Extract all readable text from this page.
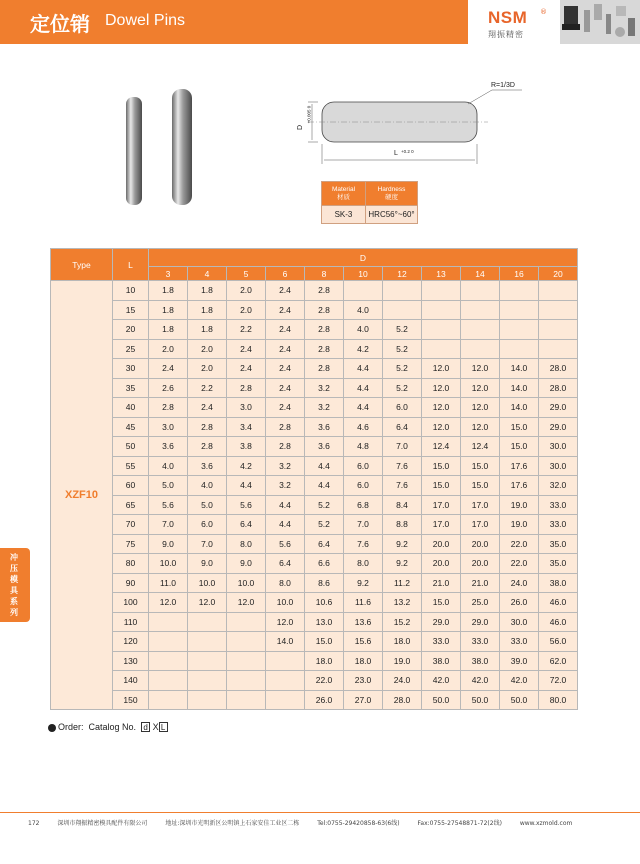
定位销 Dowel Pins	NSM ®
翔振精密
冲压模具系列
R=1/3D
D
+0.005 0
L +0.2 0
Material
材质	Hardness
硬度
SK-3	HRC56°~60°
Type	L	D										
		3	4	5	6	8	10	12	13	14	16	20
XZF10	10	1.8	1.8	2.0	2.4	2.8						
	15	1.8	1.8	2.0	2.4	2.8	4.0					
	20	1.8	1.8	2.2	2.4	2.8	4.0	5.2				
	25	2.0	2.0	2.4	2.4	2.8	4.2	5.2				
	30	2.4	2.0	2.4	2.4	2.8	4.4	5.2	12.0	12.0	14.0	28.0
	35	2.6	2.2	2.8	2.4	3.2	4.4	5.2	12.0	12.0	14.0	28.0
	40	2.8	2.4	3.0	2.4	3.2	4.4	6.0	12.0	12.0	14.0	29.0
	45	3.0	2.8	3.4	2.8	3.6	4.6	6.4	12.0	12.0	15.0	29.0
	50	3.6	2.8	3.8	2.8	3.6	4.8	7.0	12.4	12.4	15.0	30.0
	55	4.0	3.6	4.2	3.2	4.4	6.0	7.6	15.0	15.0	17.6	30.0
	60	5.0	4.0	4.4	3.2	4.4	6.0	7.6	15.0	15.0	17.6	32.0
	65	5.6	5.0	5.6	4.4	5.2	6.8	8.4	17.0	17.0	19.0	33.0
	70	7.0	6.0	6.4	4.4	5.2	7.0	8.8	17.0	17.0	19.0	33.0
	75	9.0	7.0	8.0	5.6	6.4	7.6	9.2	20.0	20.0	22.0	35.0
	80	10.0	9.0	9.0	6.4	6.6	8.0	9.2	20.0	20.0	22.0	35.0
	90	11.0	10.0	10.0	8.0	8.6	9.2	11.2	21.0	21.0	24.0	38.0
	100	12.0	12.0	12.0	10.0	10.6	11.6	13.2	15.0	25.0	26.0	46.0
	110				12.0	13.0	13.6	15.2	29.0	29.0	30.0	46.0
	120				14.0	15.0	15.6	18.0	33.0	33.0	33.0	56.0
	130					18.0	18.0	19.0	38.0	38.0	39.0	62.0
	140					22.0	23.0	24.0	42.0	42.0	42.0	72.0
	150					26.0	27.0	28.0	50.0	50.0	50.0	80.0
Order: Catalog No. d X L
172	深圳市翔振精密模具配件有限公司	地址:深圳市光明新区公明镇上石家安佳工业区二栋	Tel:0755-29420858-63(6线)	Fax:0755-27548871-72(2线)	www.xzmold.com
